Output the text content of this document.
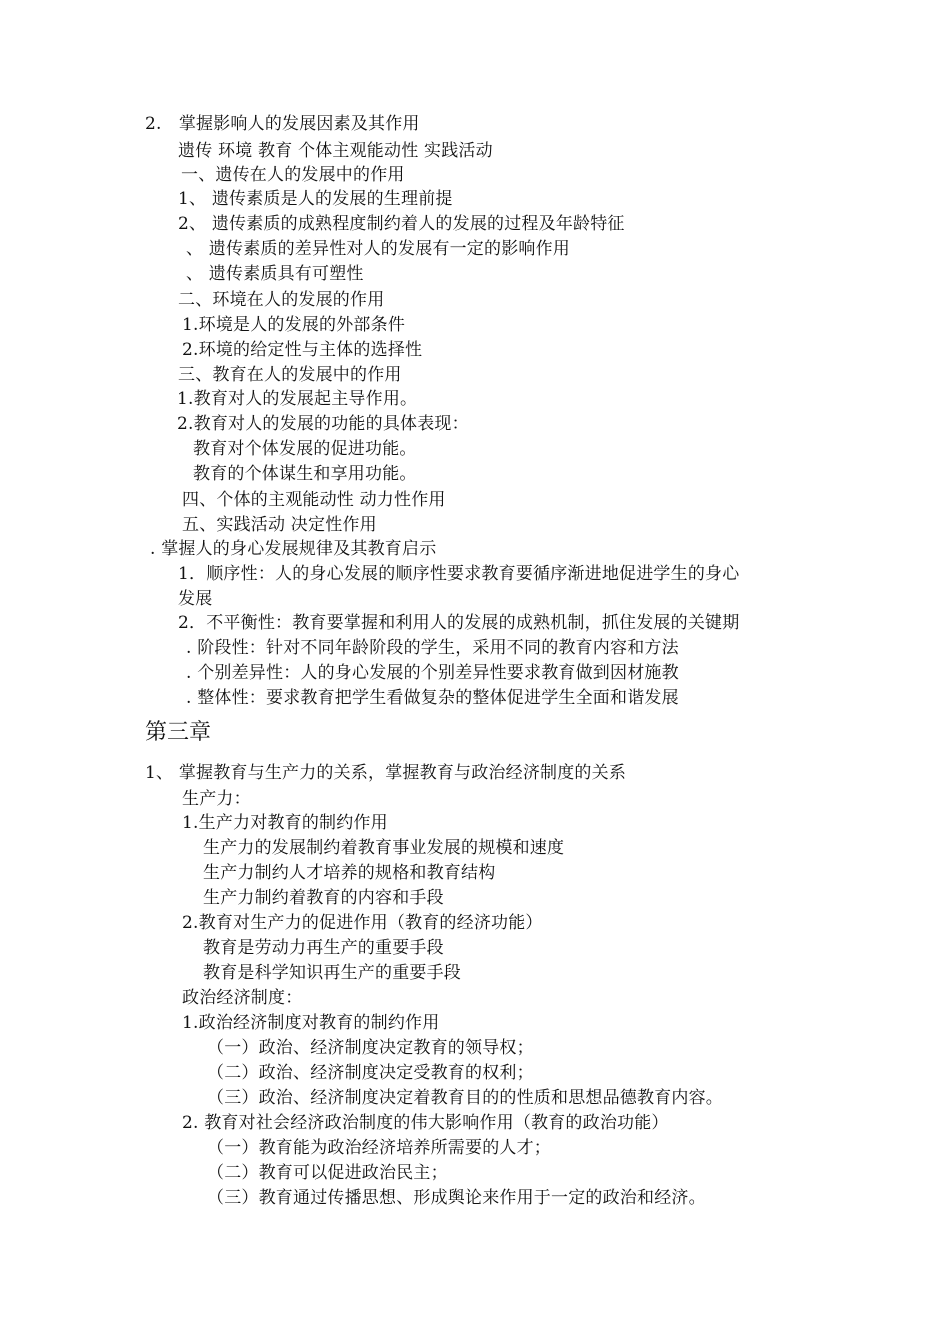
2.　掌握影响人的发展因素及其作用
遗传 环境 教育 个体主观能动性 实践活动
一、遗传在人的发展中的作用
1、 遗传素质是人的发展的生理前提
2、 遗传素质的成熟程度制约着人的发展的过程及年龄特征
、 遗传素质的差异性对人的发展有一定的影响作用
、 遗传素质具有可塑性
二、环境在人的发展的作用
1.环境是人的发展的外部条件
2.环境的给定性与主体的选择性
三、教育在人的发展中的作用
1.教育对人的发展起主导作用。
2.教育对人的发展的功能的具体表现：
教育对个体发展的促进功能。
教育的个体谋生和享用功能。
四、个体的主观能动性 动力性作用
五、实践活动 决定性作用
. 掌握人的身心发展规律及其教育启示
1．顺序性：人的身心发展的顺序性要求教育要循序渐进地促进学生的身心
发展
2．不平衡性：教育要掌握和利用人的发展的成熟机制，抓住发展的关键期
. 阶段性：针对不同年龄阶段的学生，采用不同的教育内容和方法
. 个别差异性：人的身心发展的个别差异性要求教育做到因材施教
. 整体性：要求教育把学生看做复杂的整体促进学生全面和谐发展
第三章
1、 掌握教育与生产力的关系，掌握教育与政治经济制度的关系
生产力：
1.生产力对教育的制约作用
生产力的发展制约着教育事业发展的规模和速度
生产力制约人才培养的规格和教育结构
生产力制约着教育的内容和手段
2.教育对生产力的促进作用（教育的经济功能）
教育是劳动力再生产的重要手段
教育是科学知识再生产的重要手段
政治经济制度：
1.政治经济制度对教育的制约作用
（一）政治、经济制度决定教育的领导权；
（二）政治、经济制度决定受教育的权利；
（三）政治、经济制度决定着教育目的的性质和思想品德教育内容。
2. 教育对社会经济政治制度的伟大影响作用（教育的政治功能）
（一）教育能为政治经济培养所需要的人才；
（二）教育可以促进政治民主；
（三）教育通过传播思想、形成舆论来作用于一定的政治和经济。
